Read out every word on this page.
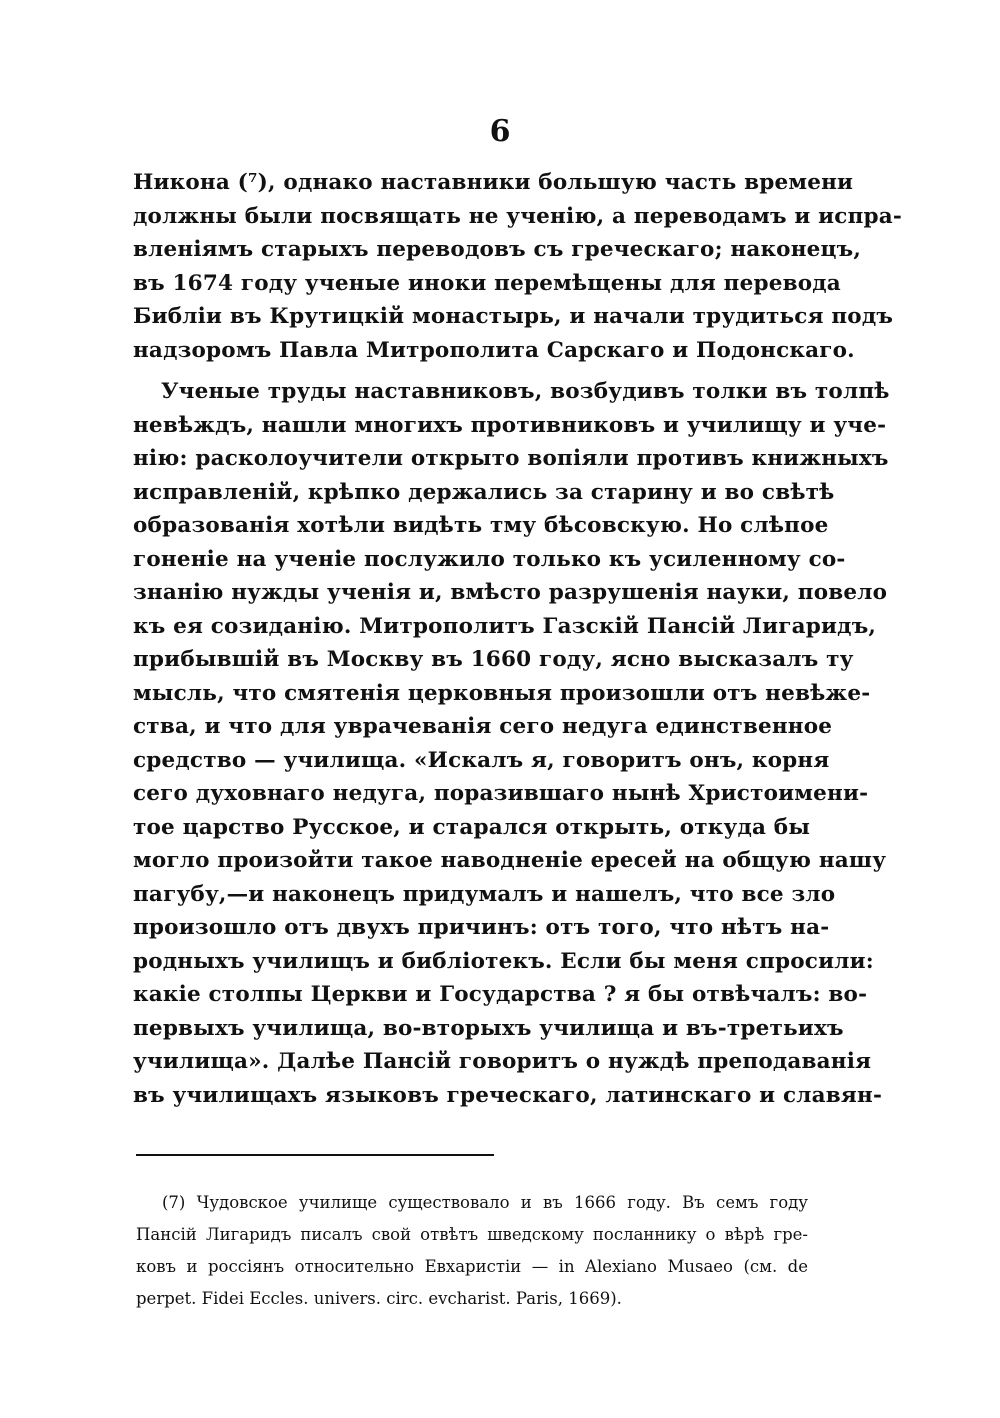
6
Никона (⁷), однако наставники большую часть времени
должны были посвящать не ученію, а переводамъ и испра-
вленіямъ старыхъ переводовъ съ греческаго; наконецъ,
въ 1674 году ученые иноки перемѣщены для перевода
Библіи въ Крутицкій монастырь, и начали трудиться подъ
надзоромъ Павла Митрополита Сарскаго и Подонскаго.
Ученые труды наставниковъ, возбудивъ толки въ толпѣ
невѣждъ, нашли многихъ противниковъ и училищу и уче-
нію: расколоучители открыто вопіяли противъ книжныхъ
исправленій, крѣпко держались за старину и во свѣтѣ
образованія хотѣли видѣть тму бѣсовскую. Но слѣпое
гоненіе на ученіе послужило только къ усиленному со-
знанію нужды ученія и, вмѣсто разрушенія науки, повело
къ ея созиданію. Митрополитъ Газскій Пансій Лигаридъ,
прибывшій въ Москву въ 1660 году, ясно высказалъ ту
мысль, что смятенія церковныя произошли отъ невѣже-
ства, и что для уврачеванія сего недуга единственное
средство — училища. «Искалъ я, говоритъ онъ, корня
сего духовнаго недуга, поразившаго нынѣ Христоимени-
тое царство Русское, и старался открыть, откуда бы
могло произойти такое наводненіе ересей на общую нашу
пагубу,—и наконецъ придумалъ и нашелъ, что все зло
произошло отъ двухъ причинъ: отъ того, что нѣтъ на-
родныхъ училищъ и библіотекъ. Если бы меня спросили:
какіе столпы Церкви и Государства ? я бы отвѣчалъ: во-
первыхъ училища, во-вторыхъ училища и въ-третьихъ
училища». Далѣе Пансій говоритъ о нуждѣ преподаванія
въ училищахъ языковъ греческаго, латинскаго и славян-
(7) Чудовское училище существовало и въ 1666 году. Въ семъ году
Пансій Лигаридъ писалъ свой отвѣтъ шведскому посланнику о вѣрѣ гре-
ковъ и россіянъ относительно Евхаристіи — in Alexiano Musaeo (см. de
perpet. Fidei Eccles. univers. circ. evcharist. Paris, 1669).
